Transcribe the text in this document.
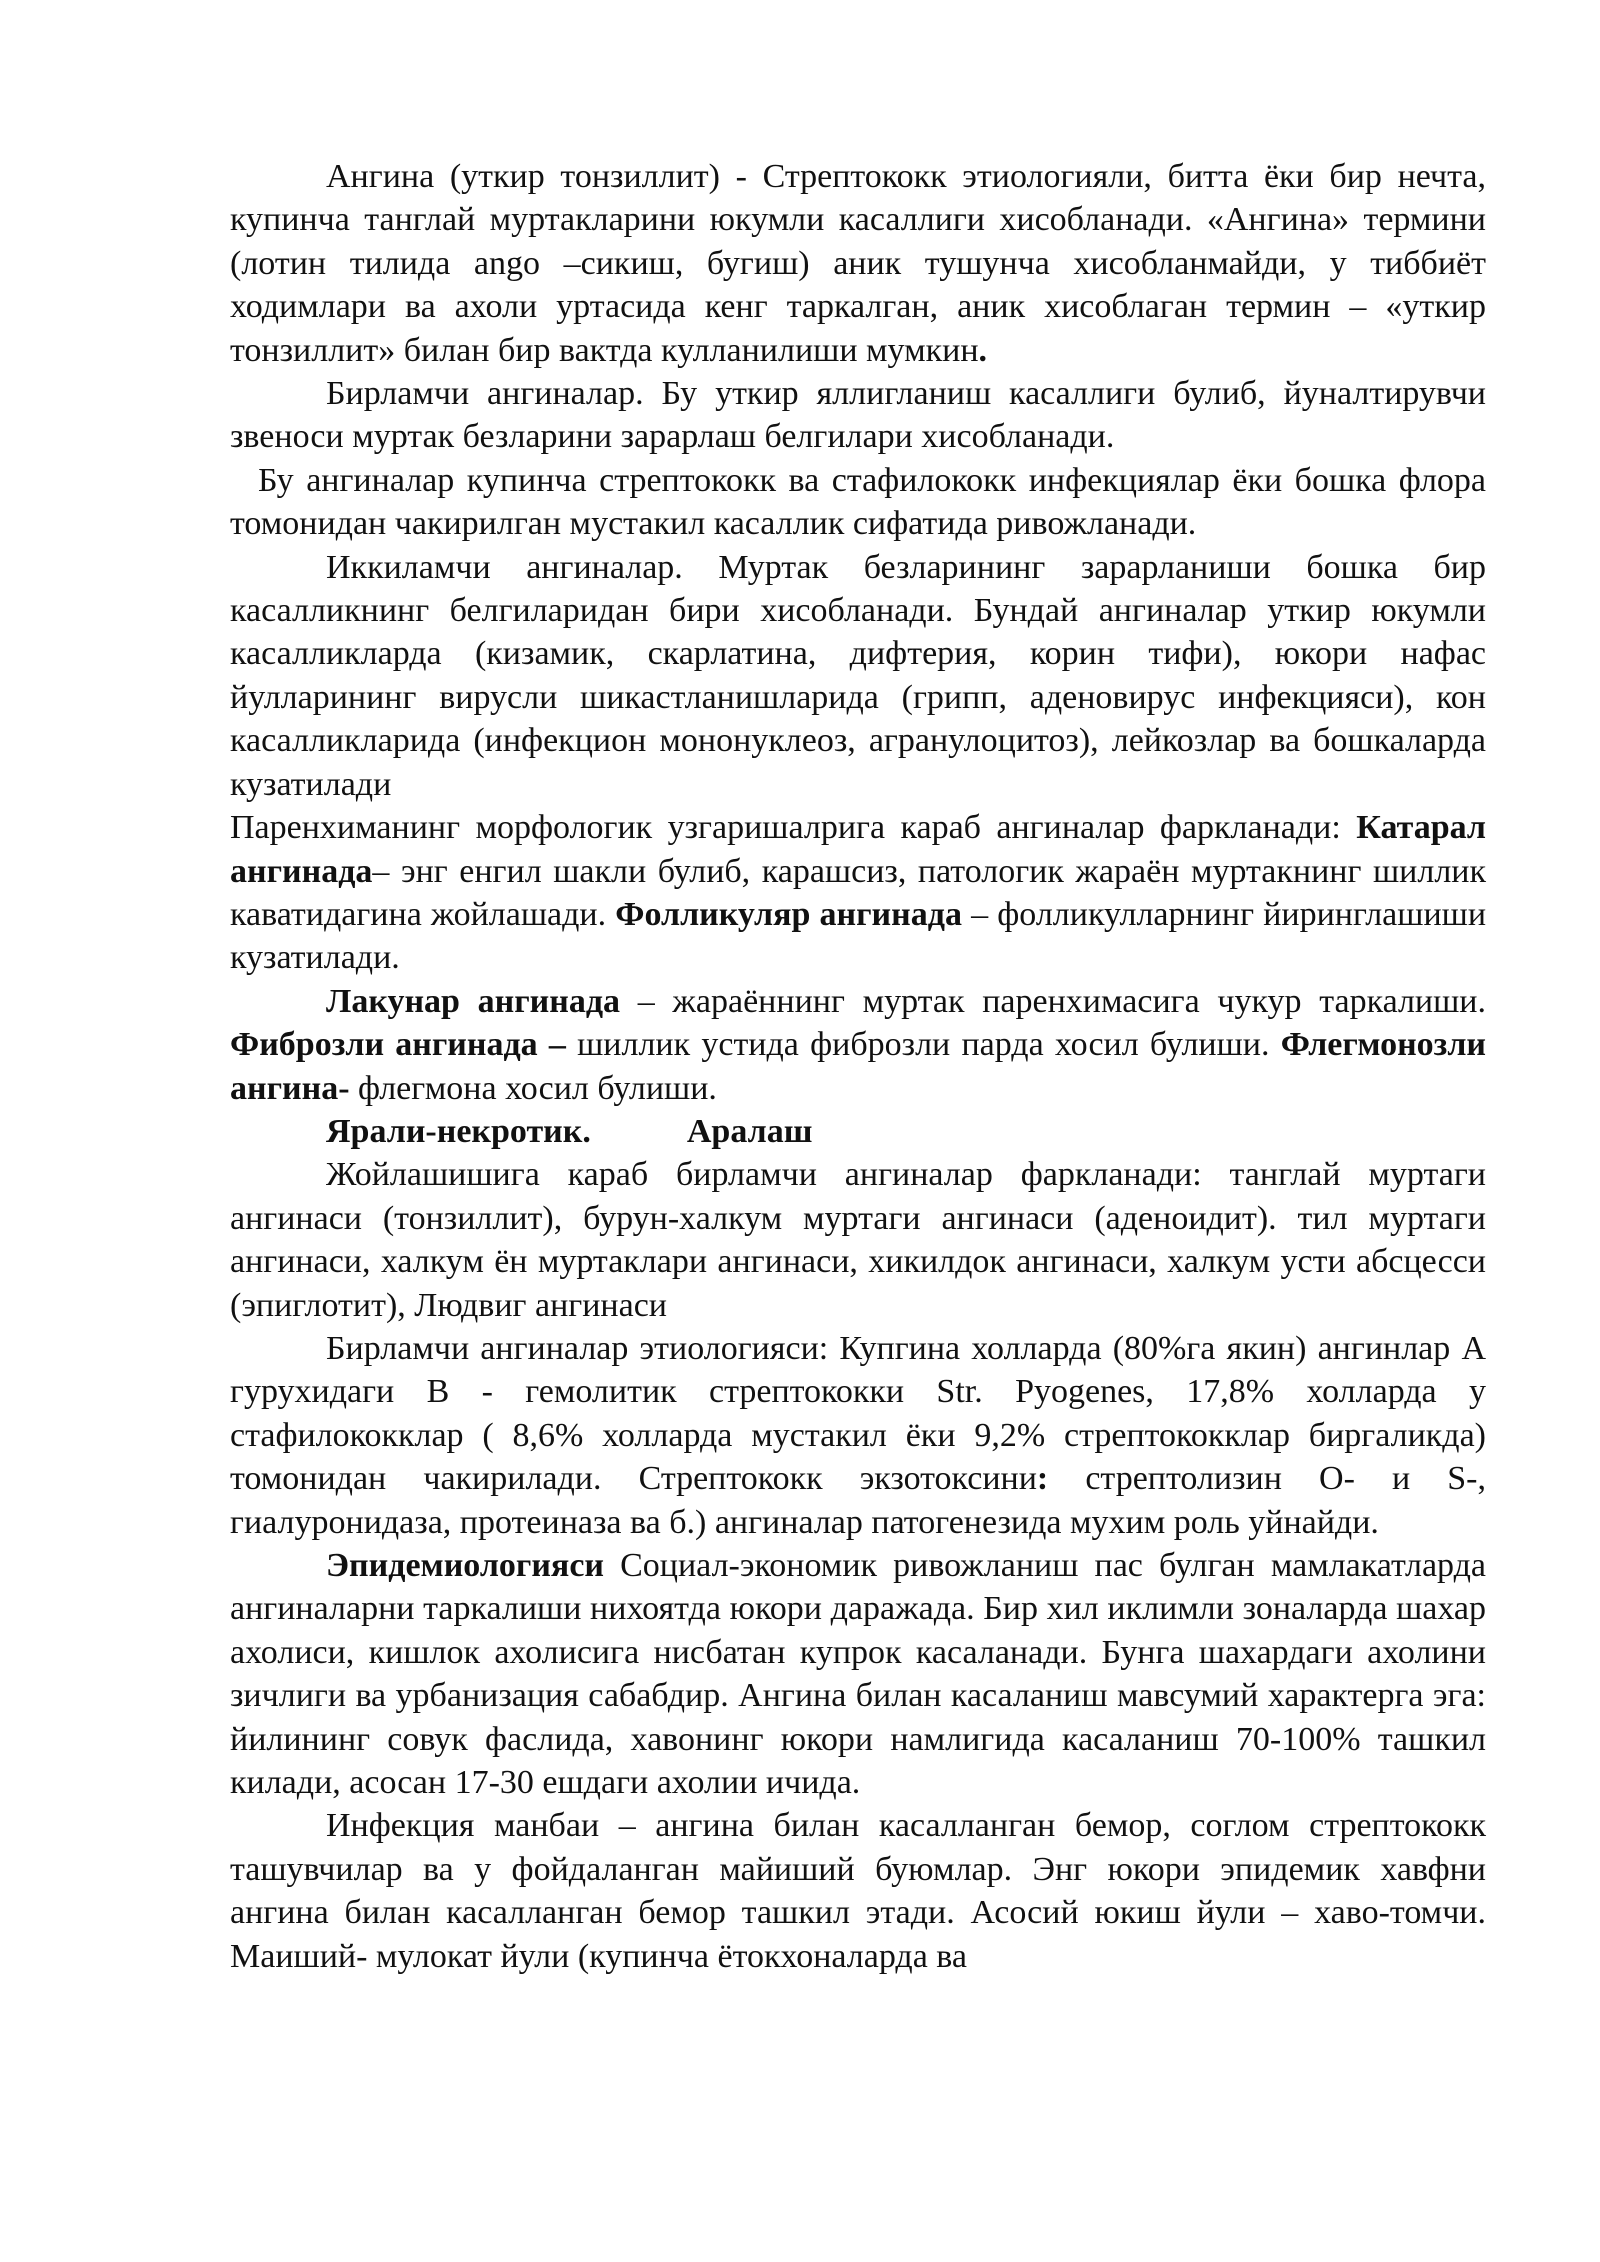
Ангина (уткир тонзиллит) - Стрептококк этиологияли, битта ёки бир нечта, купинча танглай муртакларини юкумли касаллиги хисобланади. «Ангина» термини (лотин тилида ango –сикиш, бугиш) аник тушунча хисобланмайди, у тиббиёт ходимлари ва ахоли уртасида кенг таркалган, аник хисоблаган термин – «уткир тонзиллит» билан бир вактда кулланилиши мумкин.

Бирламчи ангиналар. Бу уткир яллигланиш касаллиги булиб, йуналтирувчи звеноси муртак безларини зарарлаш белгилари хисобланади.

Бу ангиналар купинча стрептококк ва стафилококк инфекциялар ёки бошка флора томонидан чакирилган мустакил касаллик сифатида ривожланади.

Иккиламчи ангиналар. Муртак безларининг зарарланиши бошка бир касалликнинг белгиларидан бири хисобланади. Бундай ангиналар уткир юкумли касалликларда (кизамик, скарлатина, дифтерия, корин тифи), юкори нафас йулларининг вирусли шикастланишларида (грипп, аденовирус инфекцияси), кон касалликларида (инфекцион мононуклеоз, агранулоцитоз), лейкозлар ва бошкаларда кузатилади

Паренхиманинг морфологик узгаришалрига караб ангиналар фаркланади: Катарал ангинада– энг енгил шакли булиб, карашсиз, патологик жараён муртакнинг шиллик каватидагина жойлашади. Фолликуляр ангинада – фолликулларнинг йиринглашиши кузатилади.

Лакунар ангинада – жараённинг муртак паренхимасига чукур таркалиши. Фиброзли ангинада – шиллик устида фиброзли парда хосил булиши. Флегмонозли ангина- флегмона хосил булиши.

Ярали-некротик.	Аралаш

Жойлашишига караб бирламчи ангиналар фаркланади: танглай муртаги ангинаси (тонзиллит), бурун-халкум муртаги ангинаси (аденоидит). тил муртаги ангинаси, халкум ён муртаклари ангинаси, хикилдок ангинаси, халкум усти абсцесси (эпиглотит), Людвиг ангинаси

Бирламчи ангиналар этиологияси: Купгина холларда (80%га якин) ангинлар А гурухидаги В - гемолитик стрептококки Str. Pyogenes, 17,8% холларда у стафилококклар ( 8,6% холларда мустакил ёки 9,2% стрептококклар биргаликда) томонидан чакирилади. Стрептококк экзотоксини: стрептолизин О- и S-, гиалуронидаза, протеиназа ва б.) ангиналар патогенезида мухим роль уйнайди.

Эпидемиологияси Социал-экономик ривожланиш пас булган мамлакатларда ангиналарни таркалиши нихоятда юкори даражада. Бир хил иклимли зоналарда шахар ахолиси, кишлок ахолисига нисбатан купрок касаланади. Бунга шахардаги ахолини зичлиги ва урбанизация сабабдир. Ангина билан касаланиш мавсумий характерга эга: йилининг совук фаслида, хавонинг юкори намлигида касаланиш 70-100% ташкил килади, асосан 17-30 ешдаги ахолии ичида.

Инфекция манбаи – ангина билан касалланган бемор, соглом стрептококк ташувчилар ва у фойдаланган майиший буюмлар. Энг юкори эпидемик хавфни ангина билан касалланган бемор ташкил этади. Асосий юкиш йули – хаво-томчи. Маиший- мулокат йули (купинча ётокхоналарда ва
